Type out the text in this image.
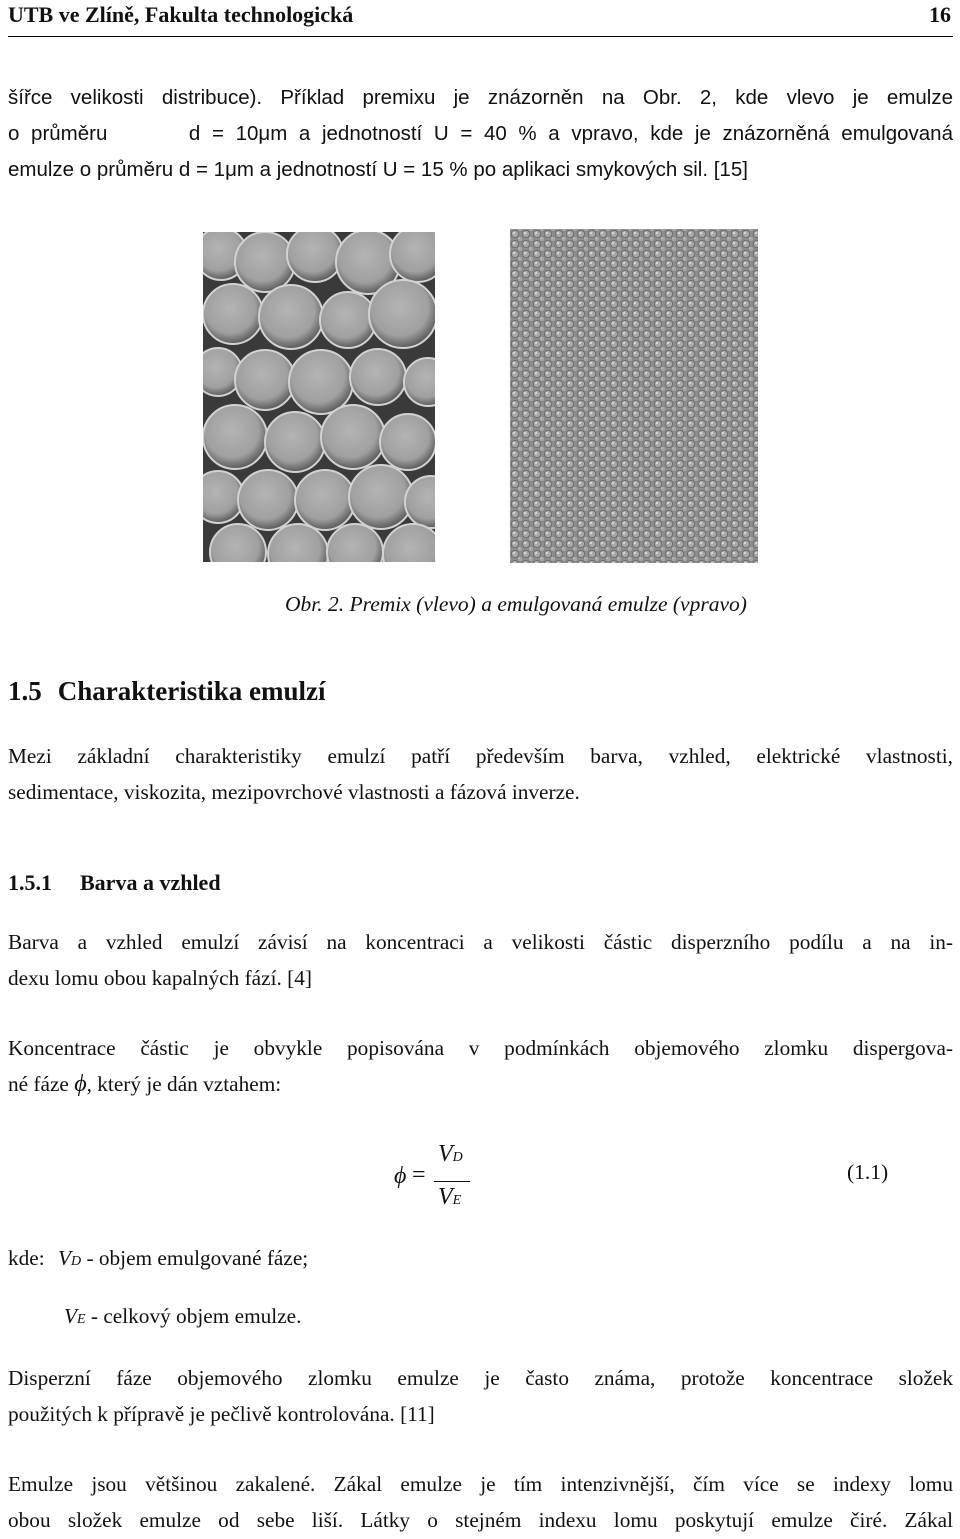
UTB ve Zlíně, Fakulta technologická	16
šířce velikosti distribuce). Příklad premixu je znázorněn na Obr. 2, kde vlevo je emulze
o průměru       d = 10μm a jednotností U = 40 % a vpravo, kde je znázorněná emulgovaná
emulze o průměru d = 1μm a jednotností U = 15 % po aplikaci smykových sil. [15]
Obr. 2. Premix (vlevo) a emulgovaná emulze (vpravo)
1.5 Charakteristika emulzí
Mezi základní charakteristiky emulzí patří především barva, vzhled, elektrické vlastnosti,
sedimentace, viskozita, mezipovrchové vlastnosti a fázová inverze.
1.5.1 Barva a vzhled
Barva a vzhled emulzí závisí na koncentraci a velikosti částic disperzního podílu a na in-
dexu lomu obou kapalných fází. [4]
Koncentrace částic je obvykle popisována v podmínkách objemového zlomku dispergova-
né fáze ϕ, který je dán vztahem:
ϕ =
VD
VE
(1.1)
kde: VD - objem emulgované fáze;
VE - celkový objem emulze.
Disperzní fáze objemového zlomku emulze je často známa, protože koncentrace složek
použitých k přípravě je pečlivě kontrolována. [11]
Emulze jsou většinou zakalené. Zákal emulze je tím intenzivnější, čím více se indexy lomu
obou složek emulze od sebe liší. Látky o stejném indexu lomu poskytují emulze čiré. Zákal
